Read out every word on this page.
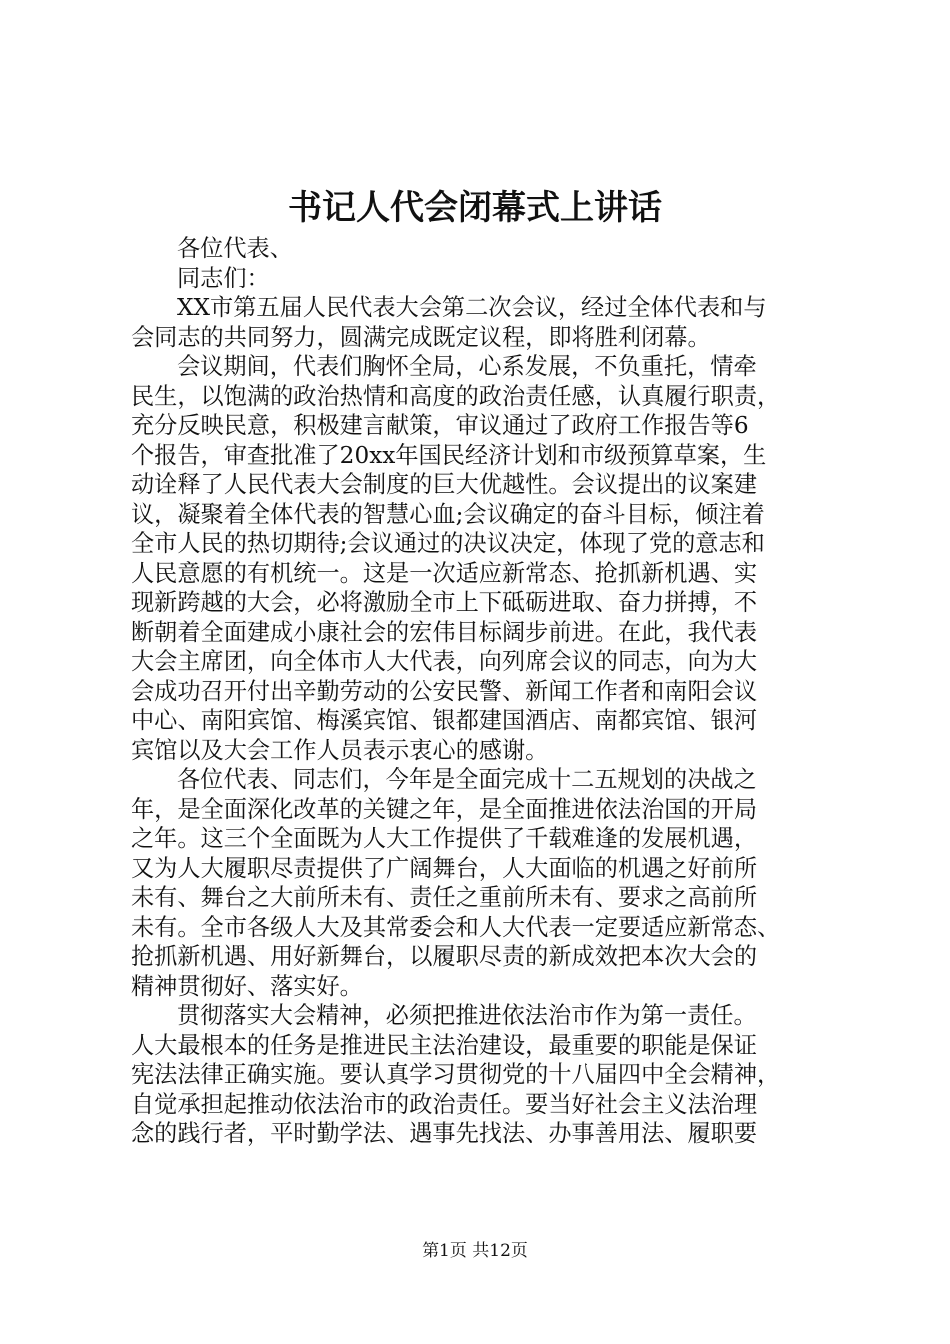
书记人代会闭幕式上讲话
各位代表、
同志们：
XX市第五届人民代表大会第二次会议，经过全体代表和与
会同志的共同努力，圆满完成既定议程，即将胜利闭幕。
会议期间，代表们胸怀全局，心系发展，不负重托，情牵
民生，以饱满的政治热情和高度的政治责任感，认真履行职责，
充分反映民意，积极建言献策，审议通过了政府工作报告等6
个报告，审查批准了20xx年国民经济计划和市级预算草案，生
动诠释了人民代表大会制度的巨大优越性。会议提出的议案建
议，凝聚着全体代表的智慧心血;会议确定的奋斗目标，倾注着
全市人民的热切期待;会议通过的决议决定，体现了党的意志和
人民意愿的有机统一。这是一次适应新常态、抢抓新机遇、实
现新跨越的大会，必将激励全市上下砥砺进取、奋力拼搏，不
断朝着全面建成小康社会的宏伟目标阔步前进。在此，我代表
大会主席团，向全体市人大代表，向列席会议的同志，向为大
会成功召开付出辛勤劳动的公安民警、新闻工作者和南阳会议
中心、南阳宾馆、梅溪宾馆、银都建国酒店、南都宾馆、银河
宾馆以及大会工作人员表示衷心的感谢。
各位代表、同志们，今年是全面完成十二五规划的决战之
年，是全面深化改革的关键之年，是全面推进依法治国的开局
之年。这三个全面既为人大工作提供了千载难逢的发展机遇，
又为人大履职尽责提供了广阔舞台，人大面临的机遇之好前所
未有、舞台之大前所未有、责任之重前所未有、要求之高前所
未有。全市各级人大及其常委会和人大代表一定要适应新常态、
抢抓新机遇、用好新舞台，以履职尽责的新成效把本次大会的
精神贯彻好、落实好。
贯彻落实大会精神，必须把推进依法治市作为第一责任。
人大最根本的任务是推进民主法治建设，最重要的职能是保证
宪法法律正确实施。要认真学习贯彻党的十八届四中全会精神，
自觉承担起推动依法治市的政治责任。要当好社会主义法治理
念的践行者，平时勤学法、遇事先找法、办事善用法、履职要
第1页 共12页
